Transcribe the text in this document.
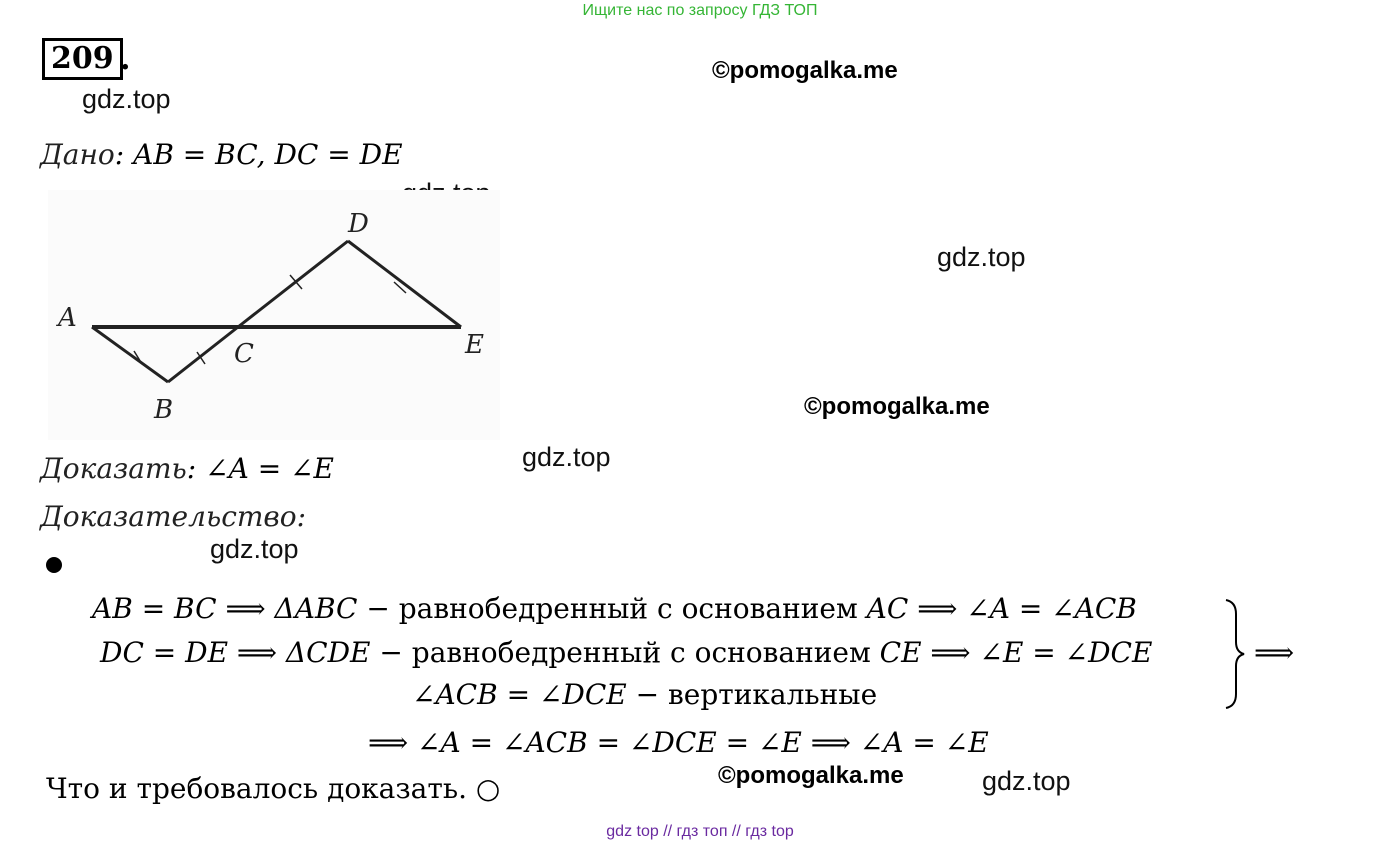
Ищите нас по запросу ГДЗ ТОП
209 .
gdz.top
©pomogalka.me
Дано: AB = BC, DC = DE
gdz.top
A
B
C
D
E
©pomogalka.me
Доказать: ∠A = ∠E	gdz.top
Доказательство:
gdz.top
AB = BC ⟹ ΔABC − равнобедренный с основанием AC ⟹ ∠A = ∠ACB
DC = DE ⟹ ΔCDE − равнобедренный с основанием CE ⟹ ∠E = ∠DCE
∠ACB = ∠DCE − вертикальные
⟹
⟹ ∠A = ∠ACB = ∠DCE = ∠E ⟹ ∠A = ∠E
©pomogalka.me	gdz.top
Что и требовалось доказать. ○
gdz top // гдз топ // гдз top
